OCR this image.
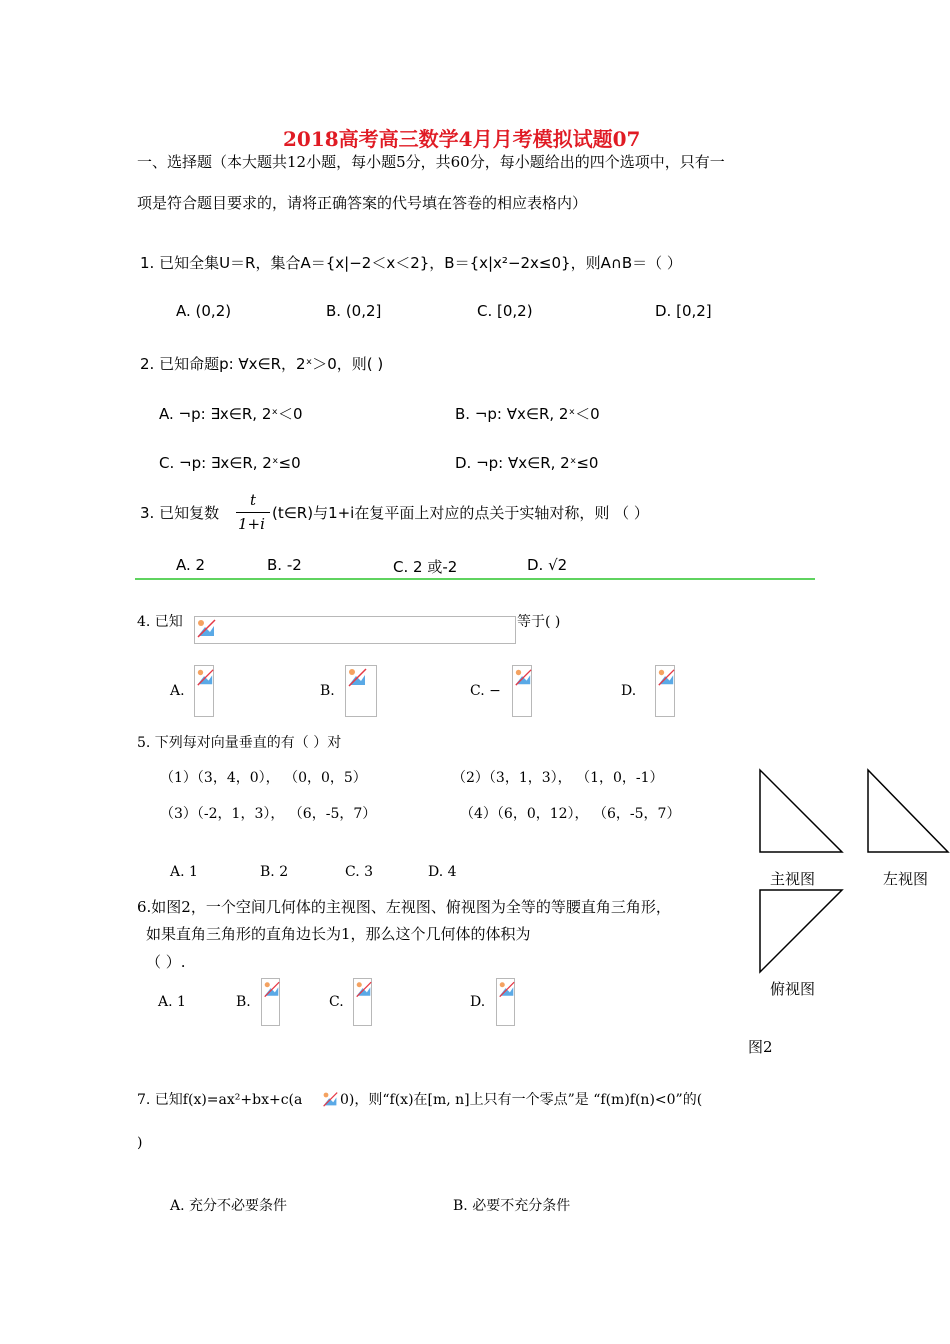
2018高考高三数学4月月考模拟试题07
一、选择题（本大题共12小题，每小题5分，共60分，每小题给出的四个选项中，只有一
项是符合题目要求的，请将正确答案的代号填在答卷的相应表格内）
1. 已知全集U＝R，集合A＝{x|−2＜x＜2}，B＝{x|x²−2x≤0}，则A∩B＝（ ）
A. (0,2)	B. (0,2]	C. [0,2)	D. [0,2]
2. 已知命题p: ∀x∈R，2ˣ＞0，则( )
A. ¬p: ∃x∈R, 2ˣ＜0	B. ¬p: ∀x∈R, 2ˣ＜0
C. ¬p: ∃x∈R, 2ˣ≤0	D. ¬p: ∀x∈R, 2ˣ≤0
3. 已知复数
t
1+i
(t∈R)与1+i在复平面上对应的点关于实轴对称，则 （ ）
A. 2	B. -2	C. 2 或-2	D. √2
4. 已知	等于( )
A.	B.	C. −	D.
5. 下列每对向量垂直的有（ ）对
（1）（3，4，0）， （0，0，5）	（2）（3，1，3）， （1，0，-1）
（3）（-2，1，3）， （6，-5，7）	（4）（6，0，12）， （6，-5，7）
A. 1	B. 2	C. 3	D. 4	主视图	左视图
俯视图
图2
6.如图2，一个空间几何体的主视图、左视图、俯视图为全等的等腰直角三角形，
如果直角三角形的直角边长为1，那么这个几何体的体积为
（ ）.
A. 1	B.	C.	D.
7. 已知f(x)=ax²+bx+c(a	0)，则“f(x)在[m, n]上只有一个零点”是 “f(m)f(n)<0”的(
)
A. 充分不必要条件	B. 必要不充分条件
